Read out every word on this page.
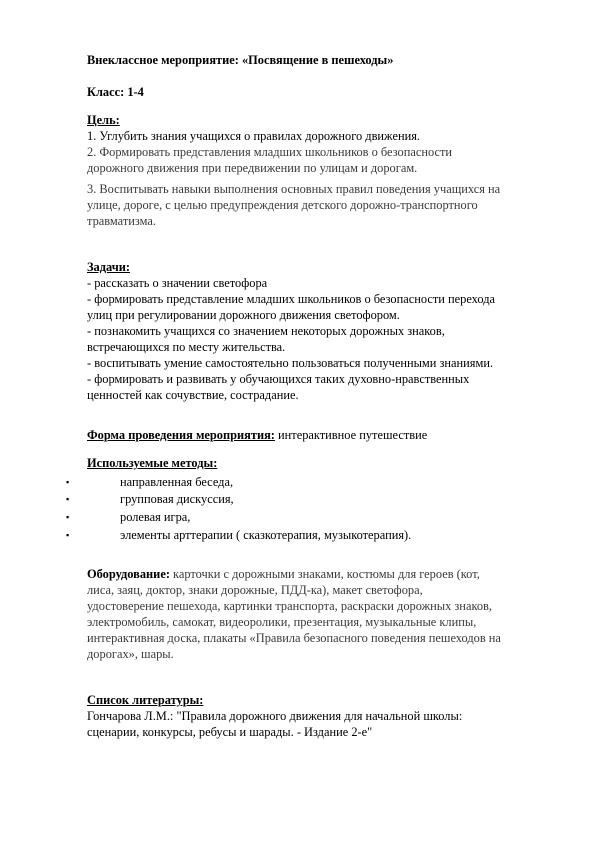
Внеклассное мероприятие: «Посвящение в пешеходы»
Класс: 1-4
Цель:
1. Углубить знания учащихся о правилах дорожного движения.
2. Формировать представления младших школьников о безопасности
дорожного движения при передвижении по улицам и дорогам.
3. Воспитывать навыки выполнения основных правил поведения учащихся на
улице, дороге, с целью предупреждения детского дорожно-транспортного
травматизма.
Задачи:
- рассказать о значении светофора
- формировать представление младших школьников о безопасности перехода
улиц при регулировании дорожного движения светофором.
- познакомить учащихся со значением некоторых дорожных знаков,
встречающихся по месту жительства.
- воспитывать умение самостоятельно пользоваться полученными знаниями.
- формировать и развивать у обучающихся таких духовно-нравственных
ценностей как сочувствие, сострадание.
Форма проведения мероприятия: интерактивное путешествие
Используемые методы:
▪	направленная беседа,
▪	групповая дискуссия,
▪	ролевая игра,
▪	элементы арттерапии ( сказкотерапия, музыкотерапия).
Оборудование: карточки с дорожными знаками, костюмы для героев (кот,
лиса, заяц, доктор, знаки дорожные, ПДД-ка), макет светофора,
удостоверение пешехода, картинки транспорта, раскраски дорожных знаков,
электромобиль, самокат, видеоролики, презентация, музыкальные клипы,
интерактивная доска, плакаты «Правила безопасного поведения пешеходов на
дорогах», шары.
Список литературы:
Гончарова Л.М.: "Правила дорожного движения для начальной школы:
сценарии, конкурсы, ребусы и шарады. - Издание 2-е"
